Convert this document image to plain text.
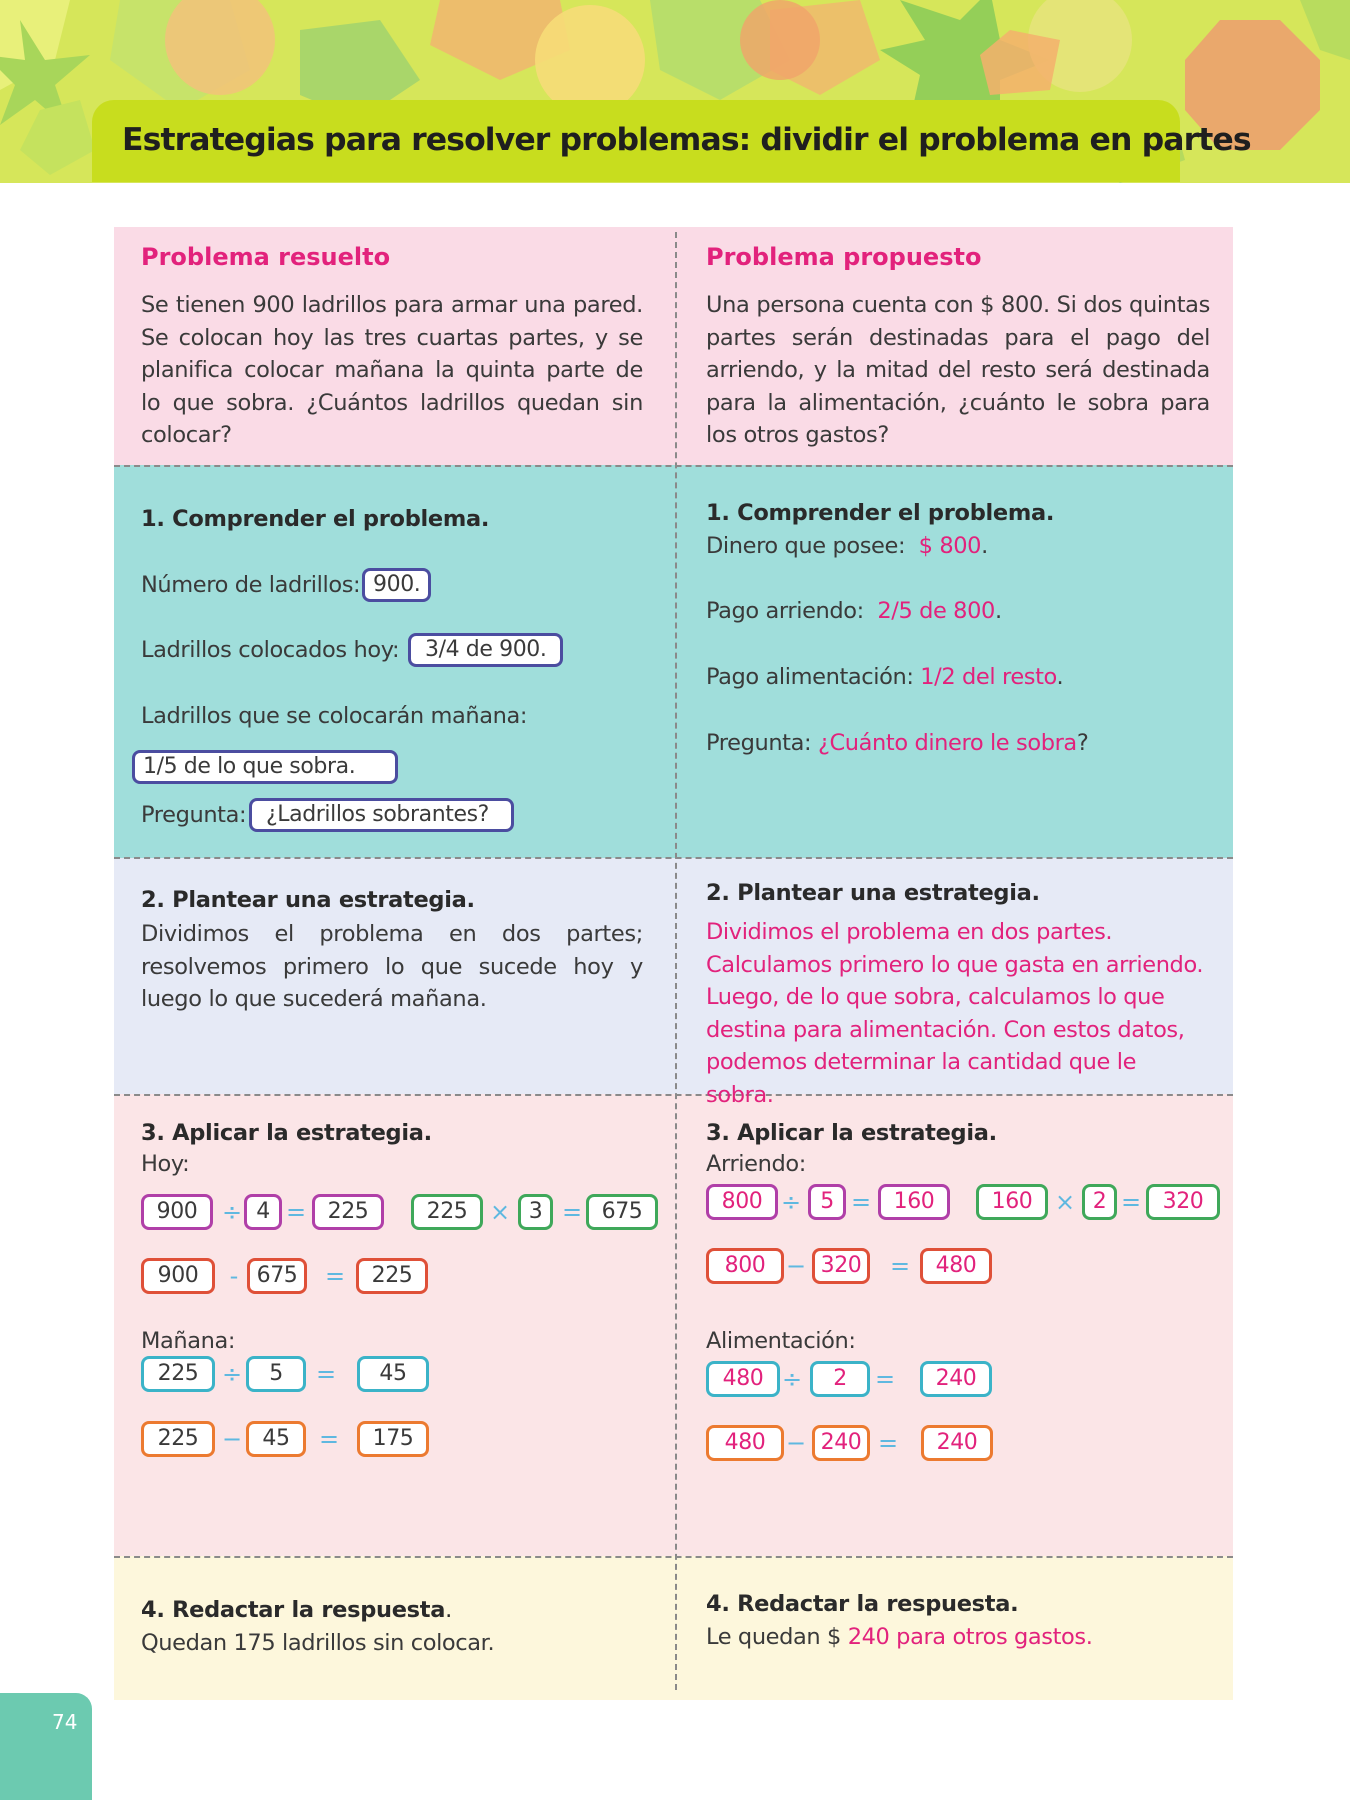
Estrategias para resolver problemas: dividir el problema en partes
Problema resuelto
Se tienen 900 ladrillos para armar una pared. Se colocan hoy las tres cuartas partes, y se planifica colocar mañana la quinta parte de lo que sobra. ¿Cuántos ladrillos quedan sin colocar?
Problema propuesto
Una persona cuenta con $ 800. Si dos quintas partes serán destinadas para el pago del arriendo, y la mitad del resto será destinada para la alimentación, ¿cuánto le sobra para los otros gastos?
1. Comprender el problema.
Número de ladrillos: 900.
Ladrillos colocados hoy:	3/4 de 900.
Ladrillos que se colocarán mañana:
1/5 de lo que sobra.
Pregunta: ¿Ladrillos sobrantes?
1. Comprender el problema.
Dinero que posee: $ 800.
Pago arriendo: 2/5 de 800.
Pago alimentación: 1/2 del resto.
Pregunta: ¿Cuánto dinero le sobra?
2. Plantear una estrategia.
Dividimos el problema en dos partes; resolvemos primero lo que sucede hoy y luego lo que sucederá mañana.
2. Plantear una estrategia.
Dividimos el problema en dos partes.
Calculamos primero lo que gasta en arriendo.
Luego, de lo que sobra, calculamos lo que
destina para alimentación. Con estos datos,
podemos determinar la cantidad que le sobra.
3. Aplicar la estrategia.
Hoy:
900	÷ 4 = 225	225 × 3 = 675
900	- 675	=	225
Mañana:
225 ÷	5	=	45
225 − 45	=	175
3. Aplicar la estrategia.
Arriendo:
800 ÷ 5 =	160	160 × 2 = 320
800 − 320	=	480
Alimentación:
480 ÷	2	=	240
480 − 240 =	240
4. Redactar la respuesta.
Quedan 175 ladrillos sin colocar.
4. Redactar la respuesta.
Le quedan $ 240 para otros gastos.
74
